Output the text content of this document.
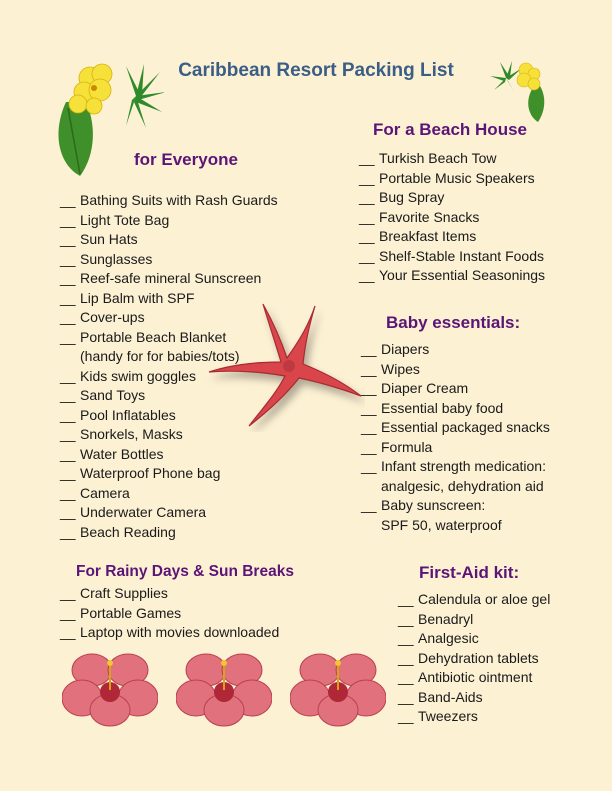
Caribbean Resort Packing List
for Everyone
__ Bathing Suits with Rash Guards
__ Light Tote Bag
__ Sun Hats
__ Sunglasses
__ Reef-safe mineral Sunscreen
__ Lip Balm with SPF
__ Cover-ups
__ Portable Beach Blanket
(handy for for babies/tots)
__ Kids swim goggles
__ Sand Toys
__ Pool Inflatables
__ Snorkels, Masks
__ Water Bottles
__ Waterproof Phone bag
__ Camera
__ Underwater Camera
__ Beach Reading
For a Beach House
__ Turkish Beach Tow
__ Portable Music Speakers
__ Bug Spray
__ Favorite Snacks
__ Breakfast Items
__ Shelf-Stable Instant Foods
__ Your Essential Seasonings
Baby essentials:
__ Diapers
__ Wipes
__ Diaper Cream
__ Essential baby food
__ Essential packaged snacks
__ Formula
__ Infant strength medication:
analgesic, dehydration aid
__ Baby sunscreen:
SPF 50, waterproof
For Rainy Days & Sun Breaks
__ Craft Supplies
__ Portable Games
__ Laptop with movies downloaded
First-Aid kit:
__ Calendula or aloe gel
__ Benadryl
__ Analgesic
__ Dehydration tablets
__ Antibiotic ointment
__ Band-Aids
__ Tweezers
